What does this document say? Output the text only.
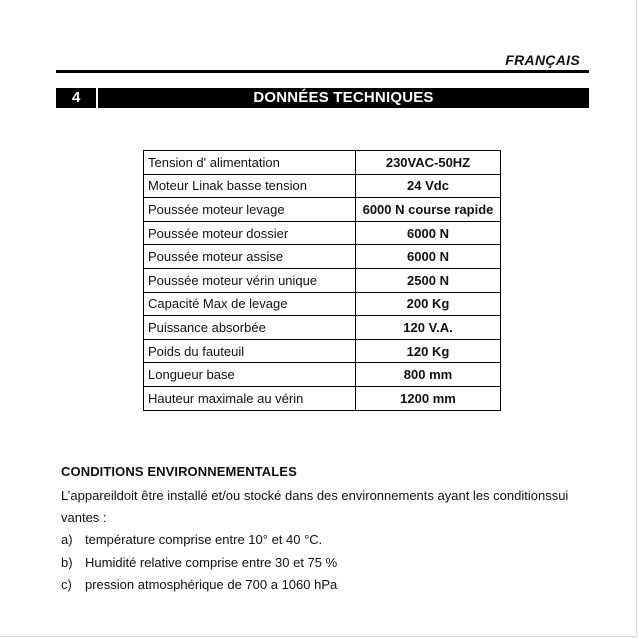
FRANÇAIS
4	DONNÉES TECHNIQUES
Tension d' alimentation	230VAC-50HZ
Moteur Linak basse tension	24 Vdc
Poussée moteur levage	6000 N course rapide
Poussée moteur dossier	6000 N
Poussée moteur assise	6000 N
Poussée moteur vérin unique	2500 N
Capacité Max de levage	200 Kg
Puissance absorbée	120 V.A.
Poids du fauteuil	120 Kg
Longueur base	800 mm
Hauteur maximale au vérin	1200 mm
CONDITIONS ENVIRONNEMENTALES

L’appareildoit être installé et/ou stocké dans des environnements ayant les conditionssui vantes :

a) température comprise entre 10° et 40 °C.
b) Humidité relative comprise entre 30 et 75 %
c) pression atmosphérique de 700 a 1060 hPa
